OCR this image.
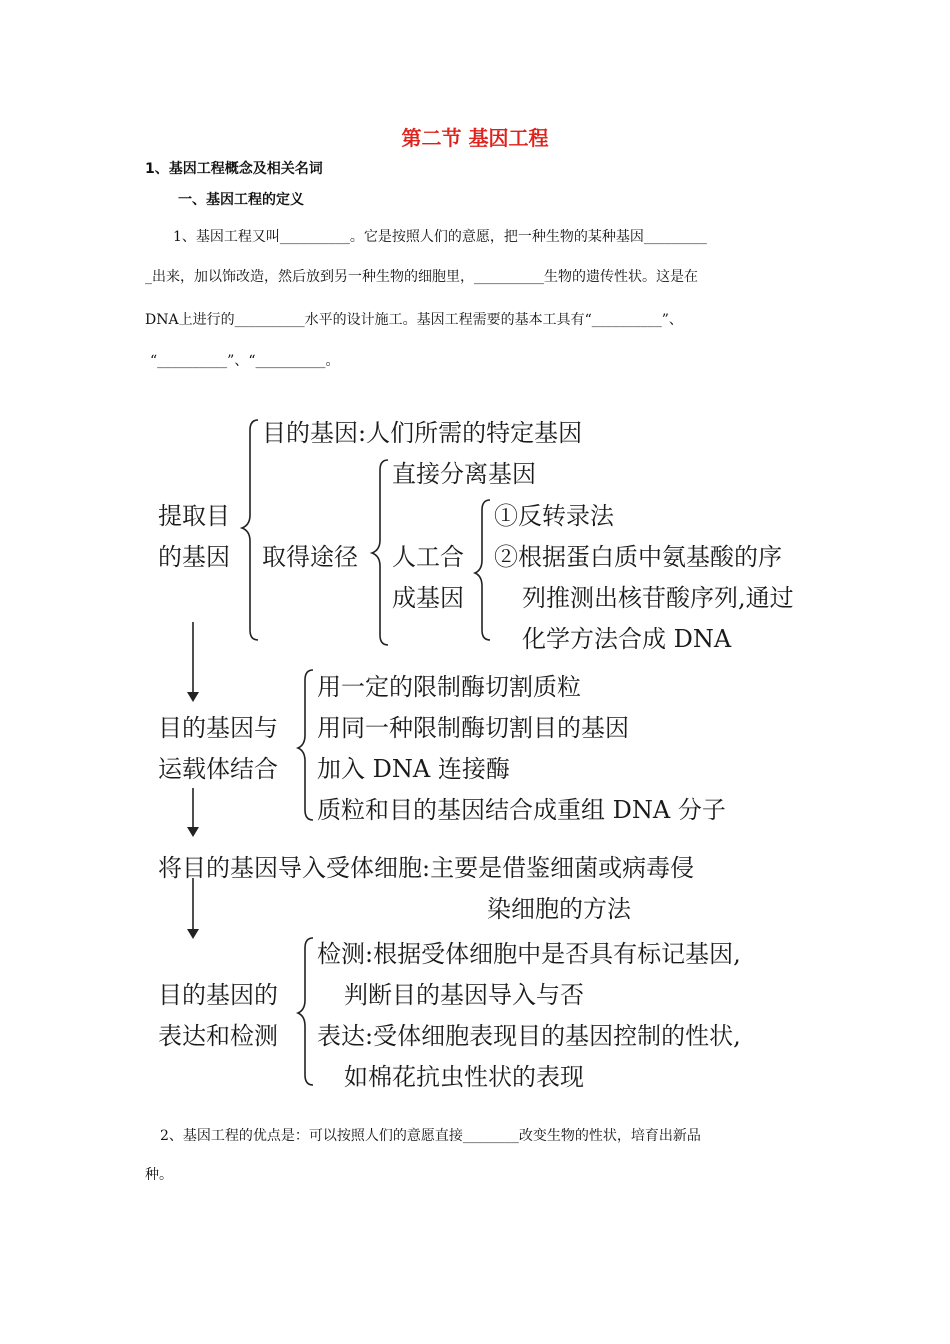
第二节 基因工程
1、基因工程概念及相关名词
一、基因工程的定义
1、基因工程又叫__________。它是按照人们的意愿，把一种生物的某种基因_________
_出来，加以饰改造，然后放到另一种生物的细胞里，__________生物的遗传性状。这是在
DNA上进行的__________水平的设计施工。基因工程需要的基本工具有“__________”、
“__________”、“__________。
提取目
的基因
目的基因:人们所需的特定基因
取得途径
直接分离基因
人工合
成基因
①反转录法
②根据蛋白质中氨基酸的序
列推测出核苷酸序列,通过
化学方法合成 DNA
目的基因与
运载体结合
用一定的限制酶切割质粒
用同一种限制酶切割目的基因
加入 DNA 连接酶
质粒和目的基因结合成重组 DNA 分子
将目的基因导入受体细胞:主要是借鉴细菌或病毒侵
染细胞的方法
目的基因的
表达和检测
检测:根据受体细胞中是否具有标记基因,
判断目的基因导入与否
表达:受体细胞表现目的基因控制的性状,
如棉花抗虫性状的表现
2、基因工程的优点是：可以按照人们的意愿直接________改变生物的性状，培育出新品
种。
